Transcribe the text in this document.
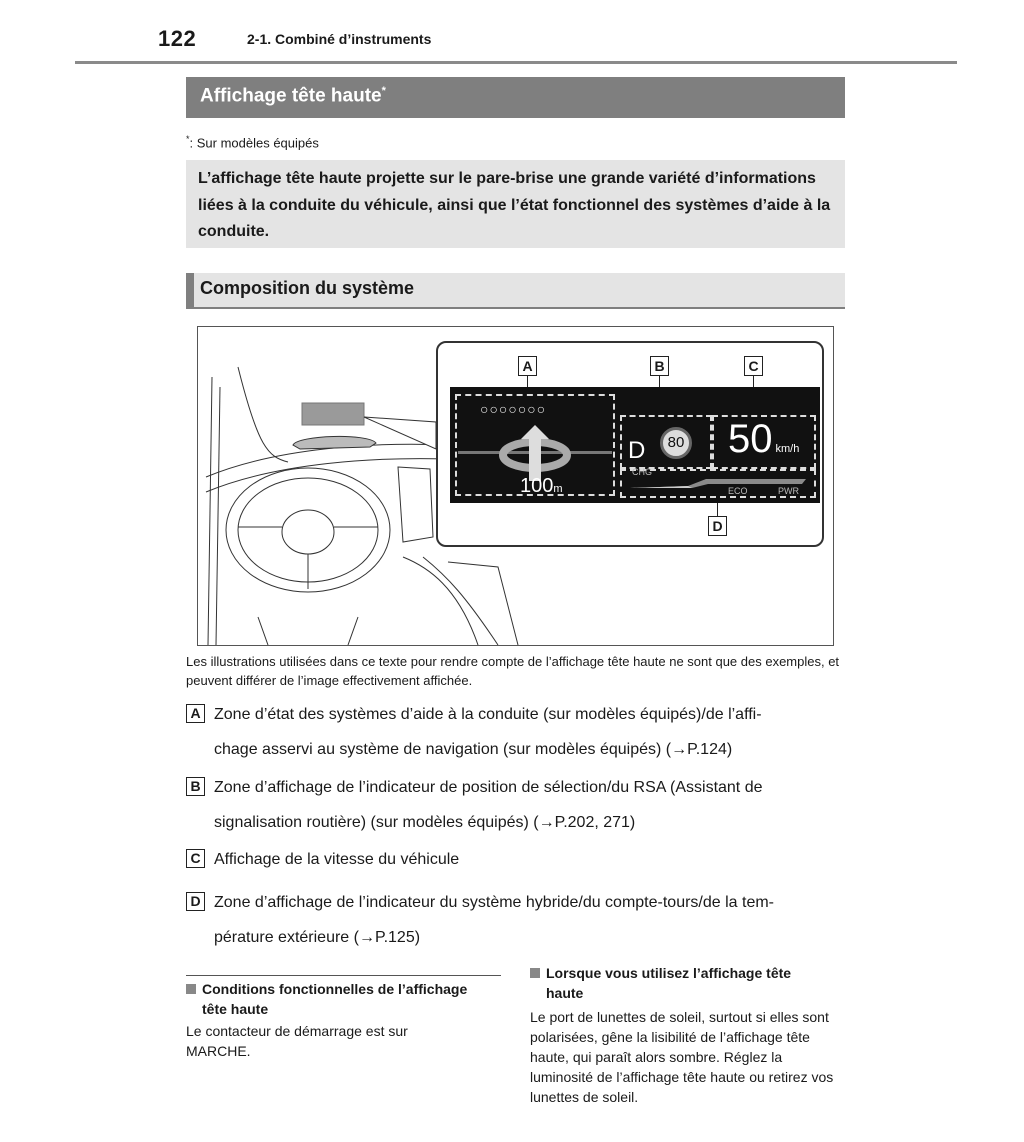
122	2-1. Combiné d’instruments
Affichage tête haute*
*: Sur modèles équipés
L’affichage tête haute projette sur le pare-brise une grande variété d’informations liées à la conduite du véhicule, ainsi que l’état fonctionnel des systèmes d’aide à la conduite.
Composition du système
A	B	C
D
○○○○○○○
100m
D	80 50 km/h
CHG
ECO	PWR
Les illustrations utilisées dans ce texte pour rendre compte de l’affichage tête haute ne sont que des exemples, et peuvent différer de l’image effectivement affichée.
A Zone d’état des systèmes d’aide à la conduite (sur modèles équipés)/de l’affi-
chage asservi au système de navigation (sur modèles équipés) (→P.124)
B Zone d’affichage de l’indicateur de position de sélection/du RSA (Assistant de
signalisation routière) (sur modèles équipés) (→P.202, 271)
C Affichage de la vitesse du véhicule
D Zone d’affichage de l’indicateur du système hybride/du compte-tours/de la tem-
pérature extérieure (→P.125)
Conditions fonctionnelles de l’affichage
tête haute
Le contacteur de démarrage est sur MARCHE.
Lorsque vous utilisez l’affichage tête
haute
Le port de lunettes de soleil, surtout si elles sont polarisées, gêne la lisibilité de l’affichage tête haute, qui paraît alors sombre. Réglez la luminosité de l’affichage tête haute ou retirez vos lunettes de soleil.
